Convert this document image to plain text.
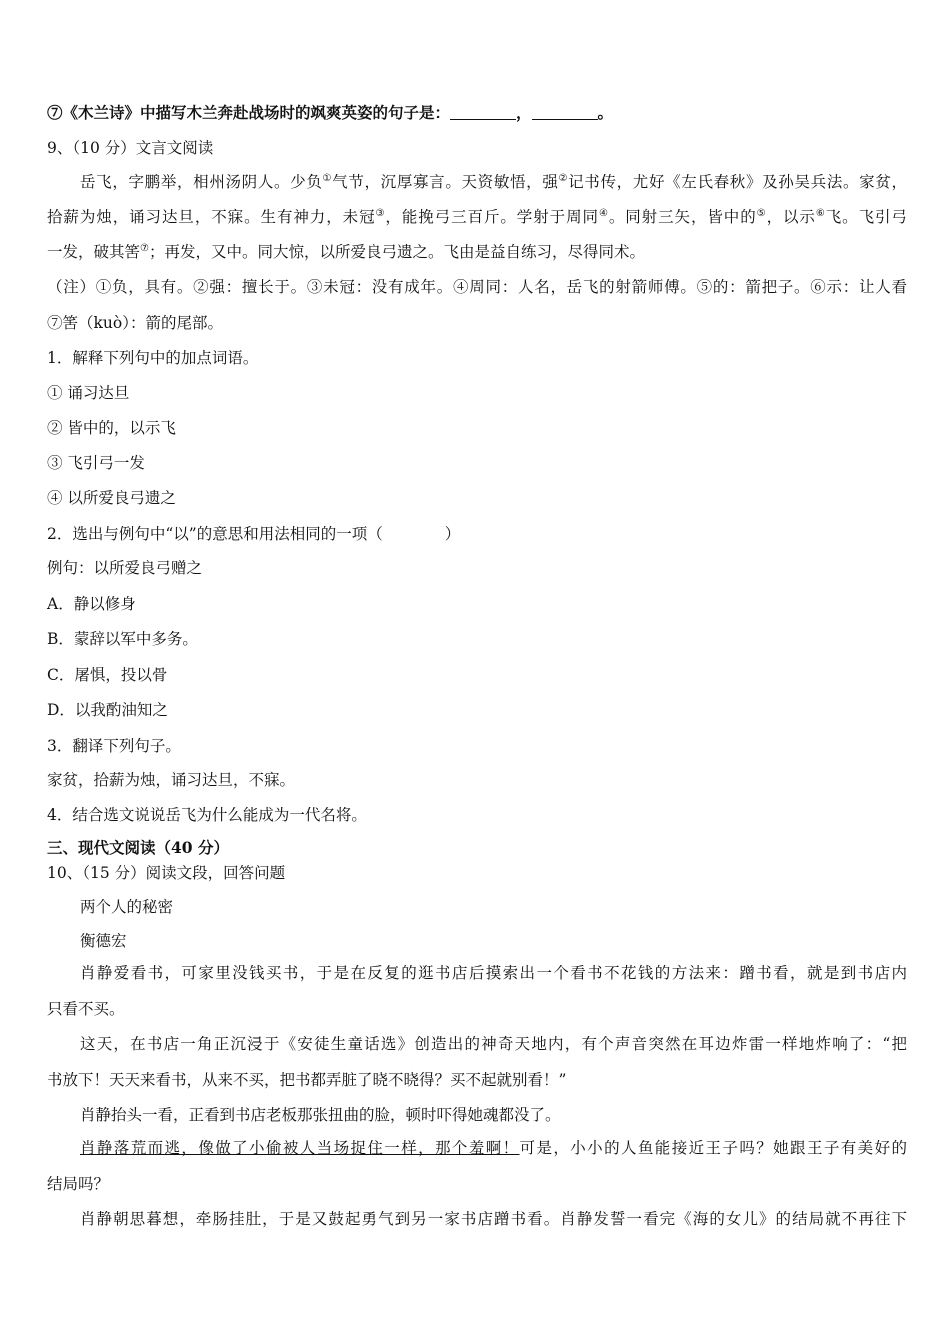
⑦《木兰诗》中描写木兰奔赴战场时的飒爽英姿的句子是：	，	。
9、（10 分）文言文阅读
岳飞，字鹏举，相州汤阴人。少负①气节，沉厚寡言。天资敏悟，强②记书传，尤好《左氏春秋》及孙吴兵法。家贫，
拾薪为烛，诵习达旦，不寐。生有神力，未冠③，能挽弓三百斤。学射于周同④。同射三矢，皆中的⑤，以示⑥飞。飞引弓
一发，破其筈⑦；再发，又中。同大惊，以所爱良弓遗之。飞由是益自练习，尽得同术。
（注）①负，具有。②强：擅长于。③未冠：没有成年。④周同：人名，岳飞的射箭师傅。⑤的：箭把子。⑥示：让人看
⑦筈（kuò）：箭的尾部。
1．解释下列句中的加点词语。
① 诵习达旦
② 皆中的，以示飞
③ 飞引弓一发
④ 以所爱良弓遗之
2．选出与例句中“以”的意思和用法相同的一项（　　　　）
例句：以所爱良弓赠之
A．静以修身
B．蒙辞以军中多务。
C．屠惧，投以骨
D．以我酌油知之
3．翻译下列句子。
家贫，拾薪为烛，诵习达旦，不寐。
4．结合选文说说岳飞为什么能成为一代名将。
三、现代文阅读（40 分）
10、（15 分）阅读文段，回答问题
两个人的秘密
衡德宏
肖静爱看书，可家里没钱买书，于是在反复的逛书店后摸索出一个看书不花钱的方法来：蹭书看，就是到书店内
只看不买。
这天，在书店一角正沉浸于《安徒生童话选》创造出的神奇天地内，有个声音突然在耳边炸雷一样地炸响了：“把
书放下！天天来看书，从来不买，把书都弄脏了晓不晓得？买不起就别看！”
肖静抬头一看，正看到书店老板那张扭曲的脸，顿时吓得她魂都没了。
肖静落荒而逃，像做了小偷被人当场捉住一样，那个羞啊！可是，小小的人鱼能接近王子吗？她跟王子有美好的
结局吗？
肖静朝思暮想，牵肠挂肚，于是又鼓起勇气到另一家书店蹭书看。肖静发誓一看完《海的女儿》的结局就不再往下
